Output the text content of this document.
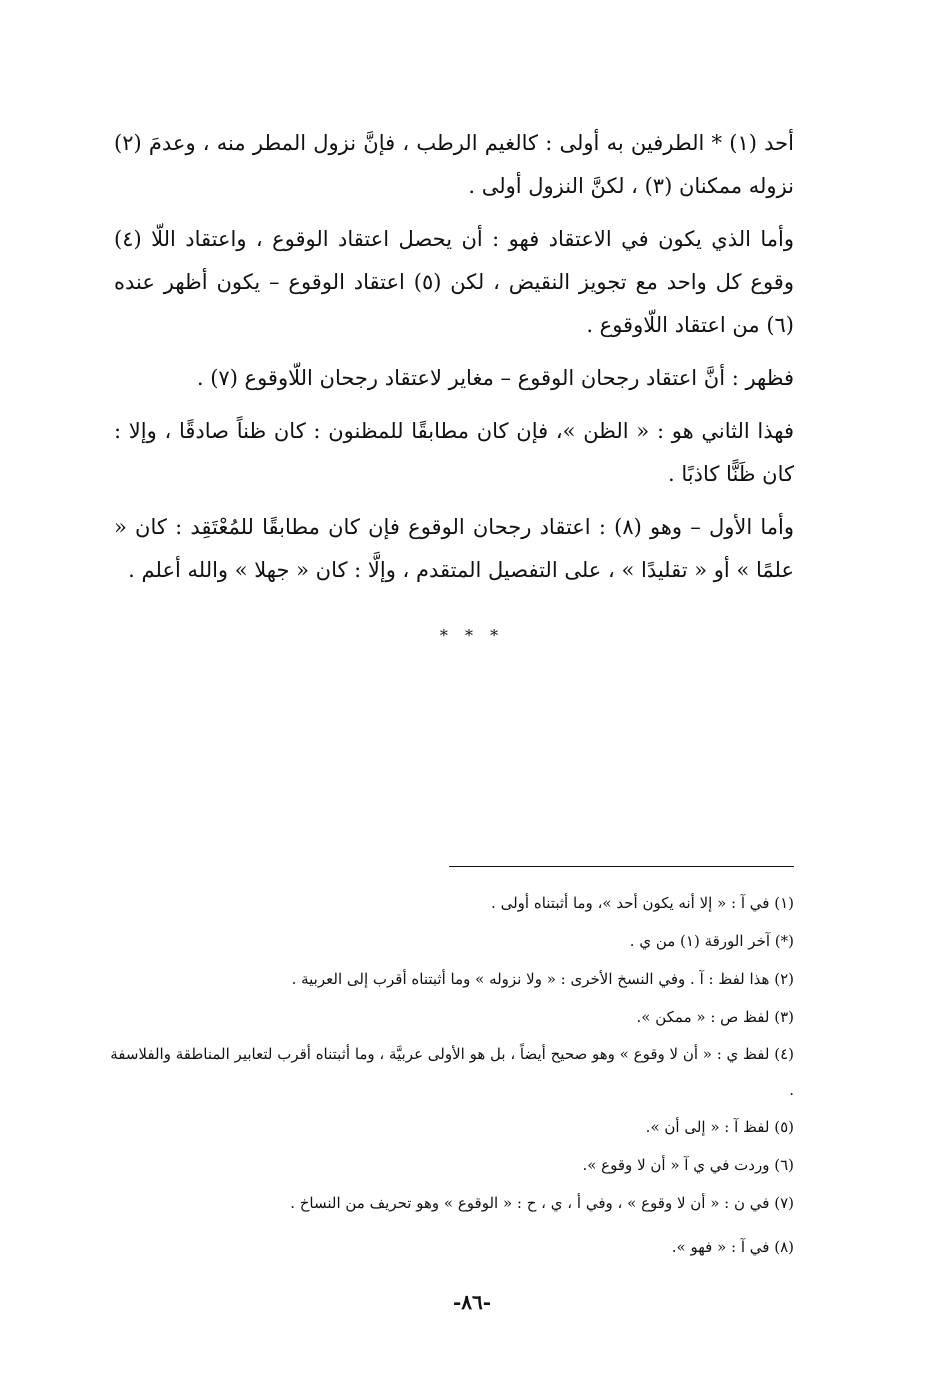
أحد (١) * الطرفين به أولى : كالغيم الرطب ، فإنَّ نزول المطر منه ، وعدمَ (٢) نزوله ممكنان (٣) ، لكنَّ النزول أولى .

وأما الذي يكون في الاعتقاد فهو : أن يحصل اعتقاد الوقوع ، واعتقاد اللّا (٤) وقوع كل واحد مع تجويز النقيض ، لكن (٥) اعتقاد الوقوع – يكون أظهر عنده (٦) من اعتقاد اللّاوقوع .

فظهر : أنَّ اعتقاد رجحان الوقوع – مغاير لاعتقاد رجحان اللّاوقوع (٧) .

فهذا الثاني هو : « الظن »، فإن كان مطابقًا للمظنون : كان ظناً صادقًا ، وإلا : كان ظَنًّا كاذبًا .

وأما الأول – وهو (٨) : اعتقاد رجحان الوقوع فإن كان مطابقًا للمُعْتَقِد : كان « علمًا » أو « تقليدًا » ، على التفصيل المتقدم ، وإلَّا : كان « جهلا » والله أعلم .

* * *

(١) في آ : « إلا أنه يكون أحد »، وما أثبتناه أولى .

(*) آخر الورقة (١) من ي .

(٢) هذا لفظ : آ . وفي النسخ الأخرى : « ولا نزوله » وما أثبتناه أقرب إلى العربية .

(٣) لفظ ص : « ممكن ».

(٤) لفظ ي : « أن لا وقوع » وهو صحيح أيضاً ، بل هو الأولى عربيَّة ، وما أثبتناه أقرب لتعابير المناطقة والفلاسفة .

(٥) لفظ آ : « إلى أن ».

(٦) وردت في ي آ « أن لا وقوع ».

(٧) في ن : « أن لا وقوع » ، وفي أ ، ي ، ح : « الوقوع » وهو تحريف من النساخ .

(٨) في آ : « فهو ».

-٨٦-
